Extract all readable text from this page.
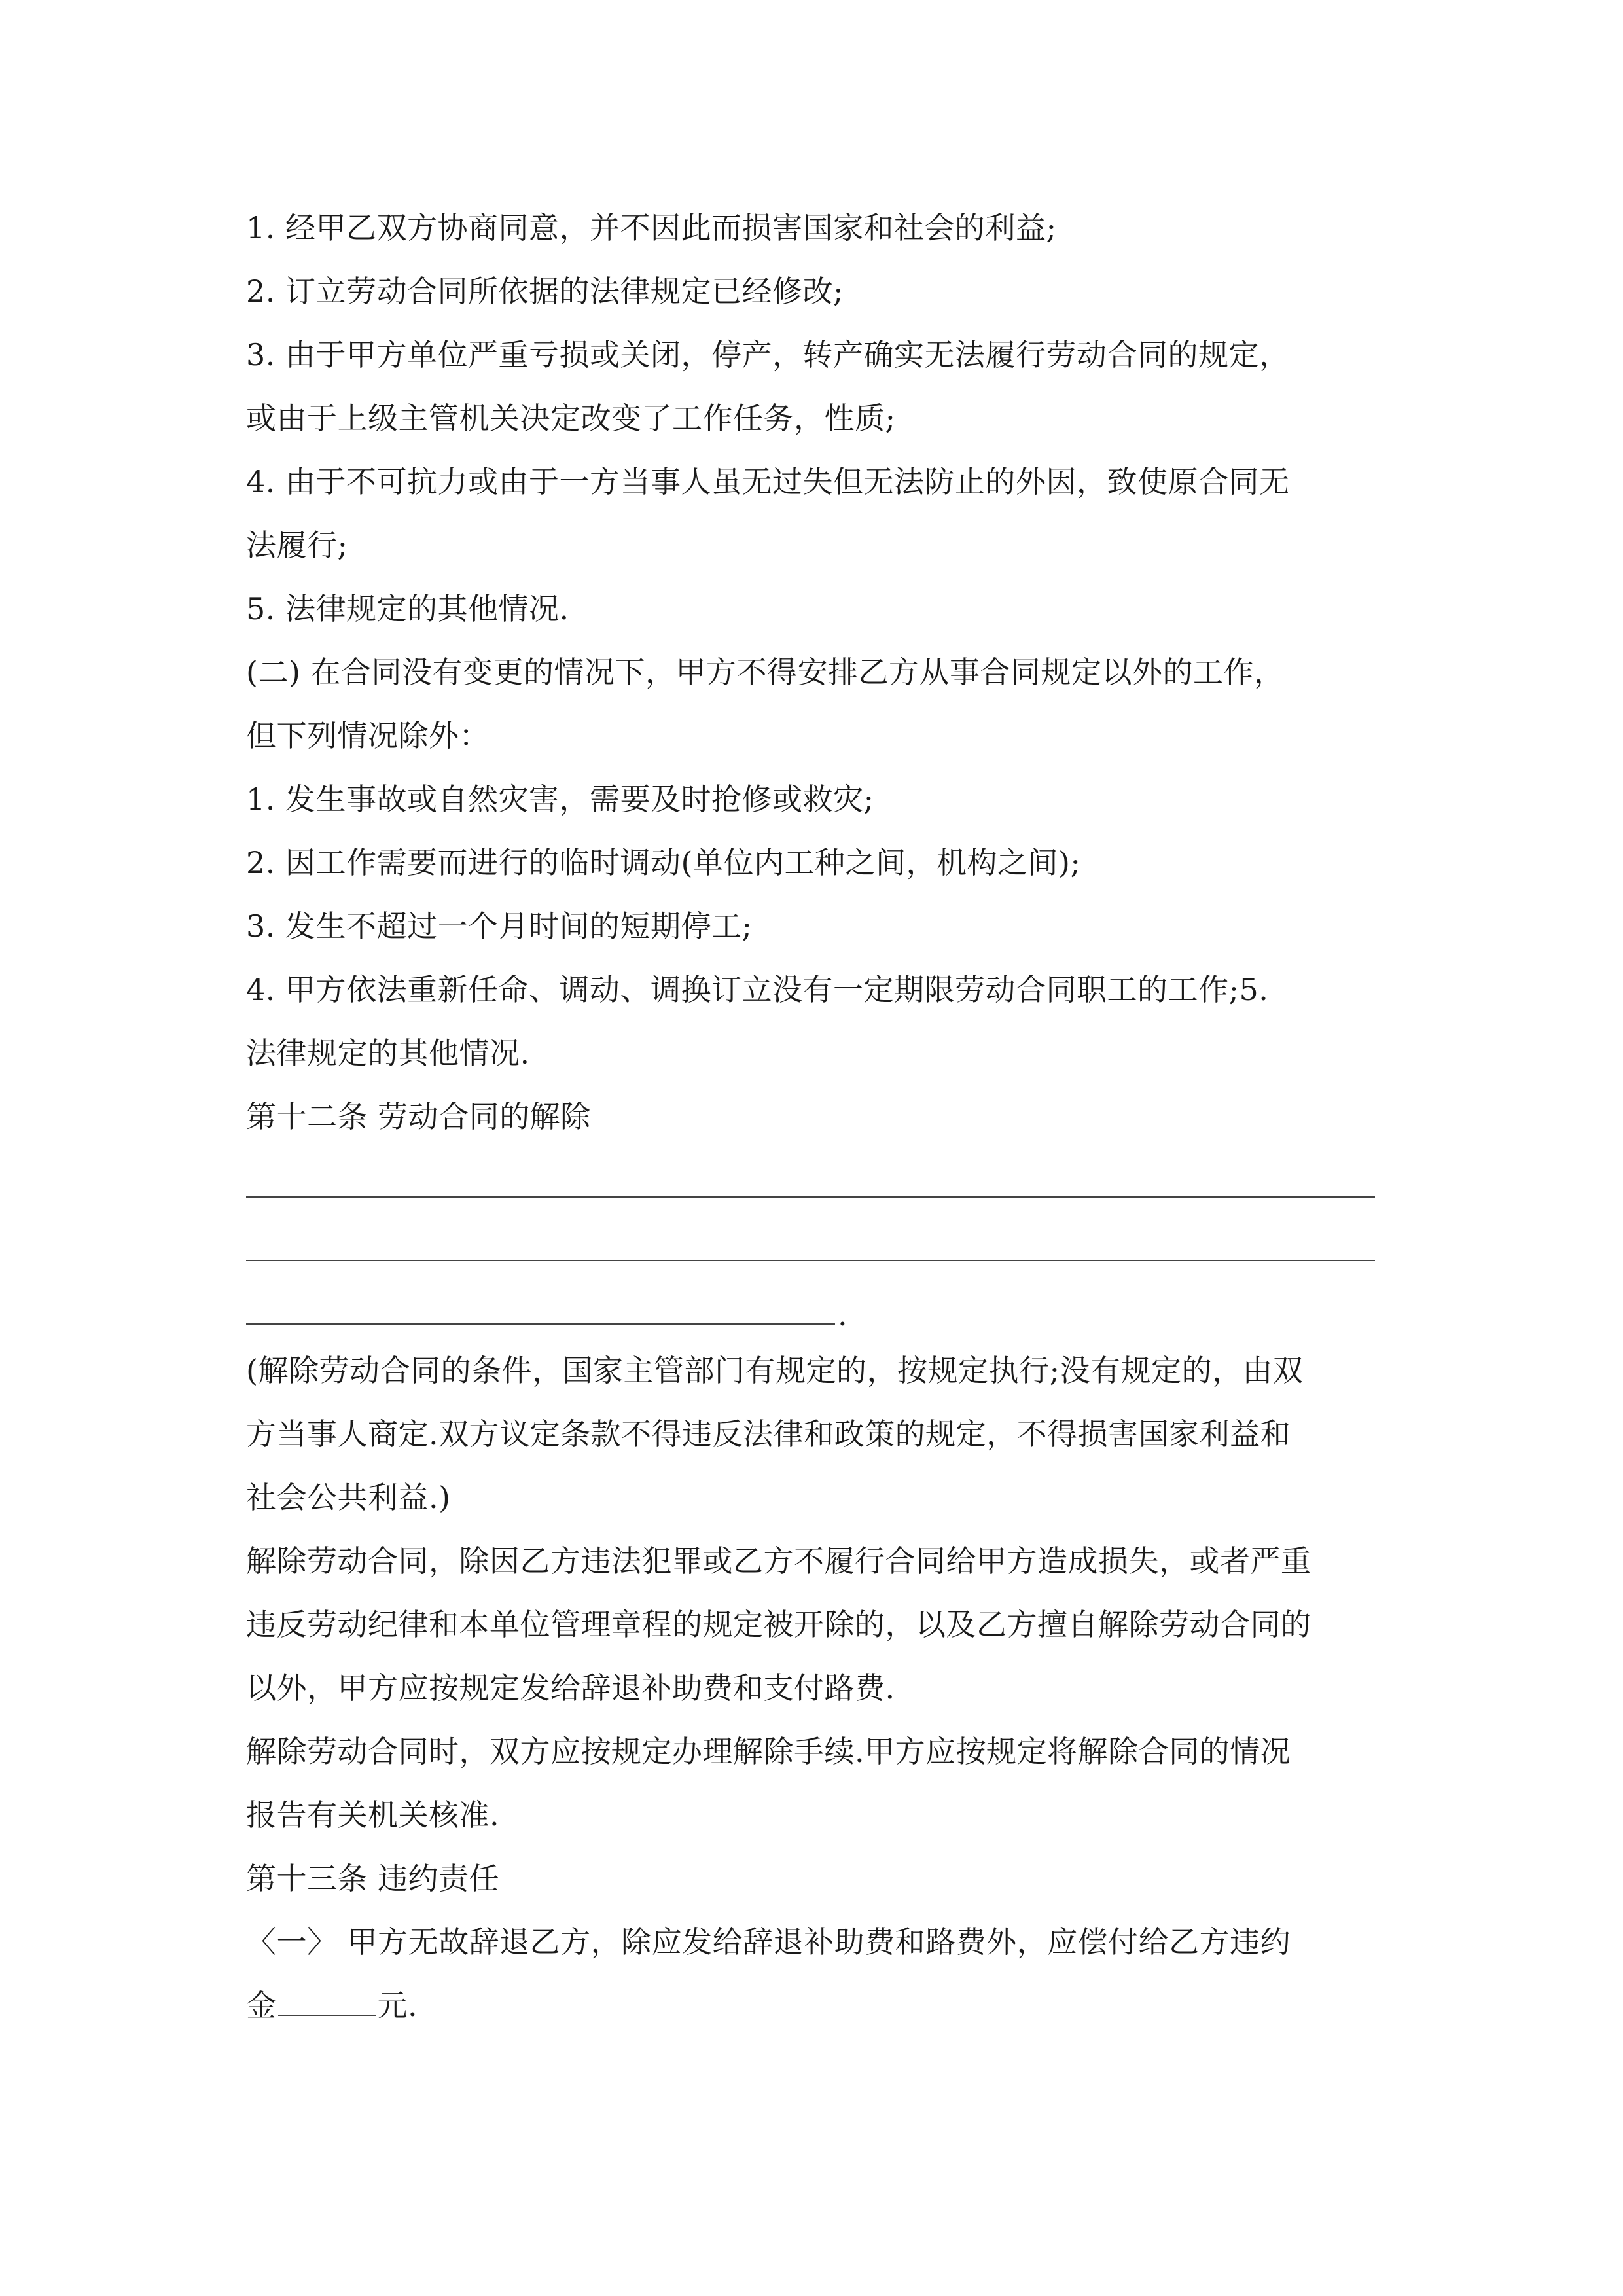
1. 经甲乙双方协商同意，并不因此而损害国家和社会的利益;
2. 订立劳动合同所依据的法律规定已经修改;
3. 由于甲方单位严重亏损或关闭，停产，转产确实无法履行劳动合同的规定，
或由于上级主管机关决定改变了工作任务，性质;
4. 由于不可抗力或由于一方当事人虽无过失但无法防止的外因，致使原合同无
法履行;
5. 法律规定的其他情况.
(二) 在合同没有变更的情况下，甲方不得安排乙方从事合同规定以外的工作，
但下列情况除外：
1. 发生事故或自然灾害，需要及时抢修或救灾;
2. 因工作需要而进行的临时调动(单位内工种之间，机构之间);
3. 发生不超过一个月时间的短期停工;
4. 甲方依法重新任命、调动、调换订立没有一定期限劳动合同职工的工作;5.
法律规定的其他情况.
第十二条 劳动合同的解除
.
(解除劳动合同的条件，国家主管部门有规定的，按规定执行;没有规定的，由双
方当事人商定.双方议定条款不得违反法律和政策的规定，不得损害国家利益和
社会公共利益.)
解除劳动合同，除因乙方违法犯罪或乙方不履行合同给甲方造成损失，或者严重
违反劳动纪律和本单位管理章程的规定被开除的，以及乙方擅自解除劳动合同的
以外，甲方应按规定发给辞退补助费和支付路费.
解除劳动合同时，双方应按规定办理解除手续.甲方应按规定将解除合同的情况
报告有关机关核准.
第十三条 违约责任
〈一〉 甲方无故辞退乙方，除应发给辞退补助费和路费外，应偿付给乙方违约
金	元.
